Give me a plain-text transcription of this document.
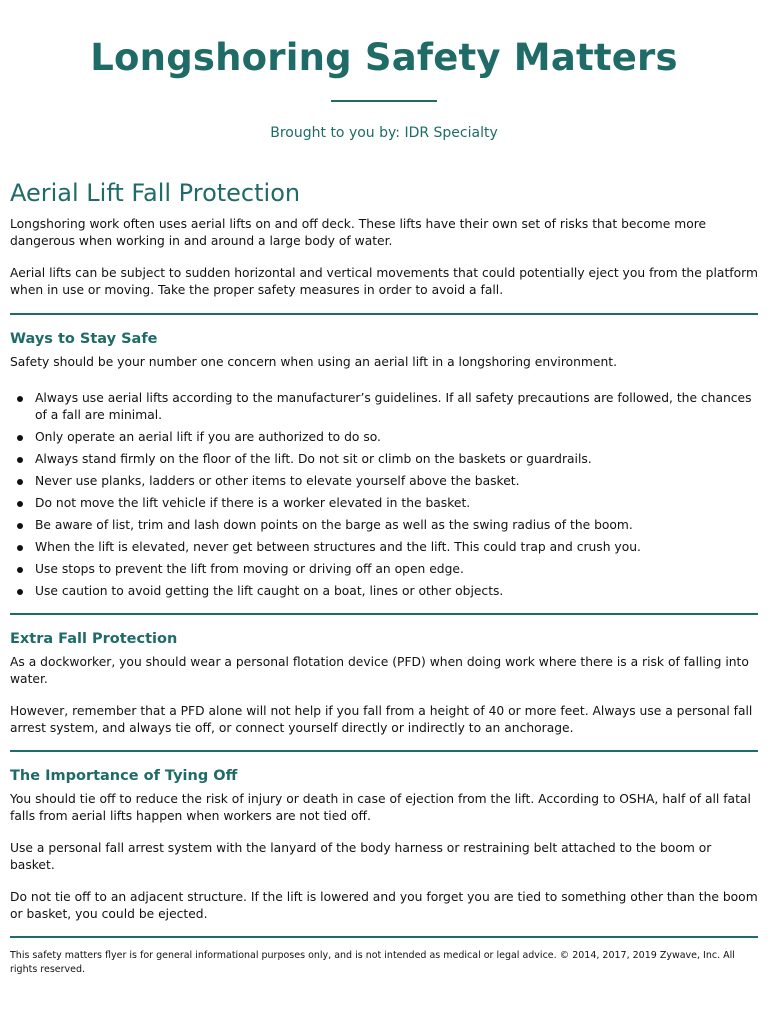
Longshoring Safety Matters
Brought to you by: IDR Specialty
Aerial Lift Fall Protection

Longshoring work often uses aerial lifts on and off deck. These lifts have their own set of risks that become more dangerous when working in and around a large body of water.

Aerial lifts can be subject to sudden horizontal and vertical movements that could potentially eject you from the platform when in use or moving. Take the proper safety measures in order to avoid a fall.

Ways to Stay Safe

Safety should be your number one concern when using an aerial lift in a longshoring environment.

Always use aerial lifts according to the manufacturer’s guidelines. If all safety precautions are followed, the chances of a fall are minimal.
Only operate an aerial lift if you are authorized to do so.
Always stand firmly on the floor of the lift. Do not sit or climb on the baskets or guardrails.
Never use planks, ladders or other items to elevate yourself above the basket.
Do not move the lift vehicle if there is a worker elevated in the basket.
Be aware of list, trim and lash down points on the barge as well as the swing radius of the boom.
When the lift is elevated, never get between structures and the lift. This could trap and crush you.
Use stops to prevent the lift from moving or driving off an open edge.
Use caution to avoid getting the lift caught on a boat, lines or other objects.
Extra Fall Protection

As a dockworker, you should wear a personal flotation device (PFD) when doing work where there is a risk of falling into water.

However, remember that a PFD alone will not help if you fall from a height of 40 or more feet. Always use a personal fall arrest system, and always tie off, or connect yourself directly or indirectly to an anchorage.

The Importance of Tying Off

You should tie off to reduce the risk of injury or death in case of ejection from the lift. According to OSHA, half of all fatal falls from aerial lifts happen when workers are not tied off.

Use a personal fall arrest system with the lanyard of the body harness or restraining belt attached to the boom or basket.

Do not tie off to an adjacent structure. If the lift is lowered and you forget you are tied to something other than the boom or basket, you could be ejected.

This safety matters flyer is for general informational purposes only, and is not intended as medical or legal advice. © 2014, 2017, 2019 Zywave, Inc. All rights reserved.
